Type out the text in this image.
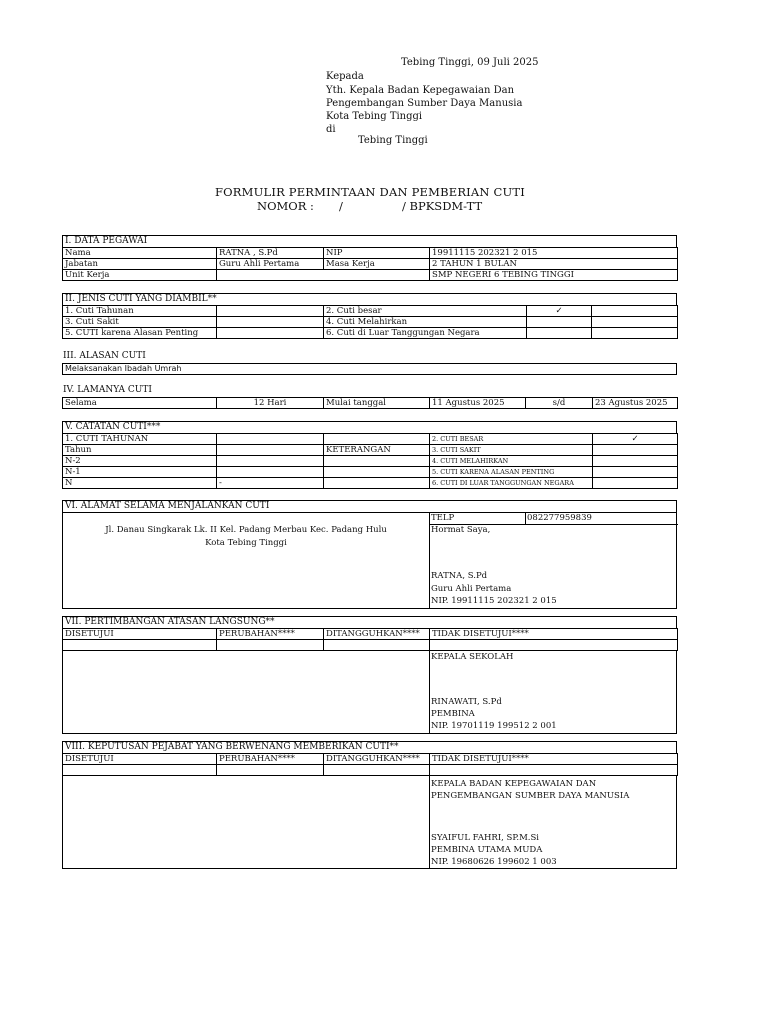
Tebing Tinggi, 09 Juli 2025
Kepada
Yth. Kepala Badan Kepegawaian Dan
Pengembangan Sumber Daya Manusia
Kota Tebing Tinggi
di
Tebing Tinggi
FORMULIR PERMINTAAN DAN PEMBERIAN CUTI
NOMOR : /	/ BPKSDM-TT
I. DATA PEGAWAI
Nama	RATNA , S.Pd	NIP	19911115 202321 2 015
Jabatan	Guru Ahli Pertama	Masa Kerja	2 TAHUN 1 BULAN
Unit Kerja			SMP NEGERI 6 TEBING TINGGI
II. JENIS CUTI YANG DIAMBIL**
1. Cuti Tahunan		2. Cuti besar	✓	
3. Cuti Sakit		4. Cuti Melahirkan		
5. CUTI karena Alasan Penting		6. Cuti di Luar Tanggungan Negara		
III. ALASAN CUTI
Melaksanakan Ibadah Umrah
IV. LAMANYA CUTI
Selama	12 Hari	Mulai tanggal	11 Agustus 2025	s/d	23 Agustus 2025
V. CATATAN CUTI***
1. CUTI TAHUNAN			2. CUTI BESAR	✓
Tahun		KETERANGAN	3. CUTI SAKIT	
N-2			4. CUTI MELAHIRKAN	
N-1			5. CUTI KARENA ALASAN PENTING	
N	-		6. CUTI DI LUAR TANGGUNGAN NEGARA	
VI. ALAMAT SELAMA MENJALANKAN CUTI
TELP	082277959839
Jl. Danau Singkarak Lk. II Kel. Padang Merbau Kec. Padang Hulu
Kota Tebing Tinggi
Hormat Saya,
RATNA, S.Pd
Guru Ahli Pertama
NIP. 19911115 202321 2 015
VII. PERTIMBANGAN ATASAN LANGSUNG**
DISETUJUI	PERUBAHAN****	DITANGGUHKAN****	TIDAK DISETUJUI****

KEPALA SEKOLAH
RINAWATI, S.Pd
PEMBINA
NIP. 19701119 199512 2 001
VIII. KEPUTUSAN PEJABAT YANG BERWENANG MEMBERIKAN CUTI**
DISETUJUI	PERUBAHAN****	DITANGGUHKAN****	TIDAK DISETUJUI****

KEPALA BADAN KEPEGAWAIAN DAN
PENGEMBANGAN SUMBER DAYA MANUSIA
SYAIFUL FAHRI, SP.M.Si
PEMBINA UTAMA MUDA
NIP. 19680626 199602 1 003
